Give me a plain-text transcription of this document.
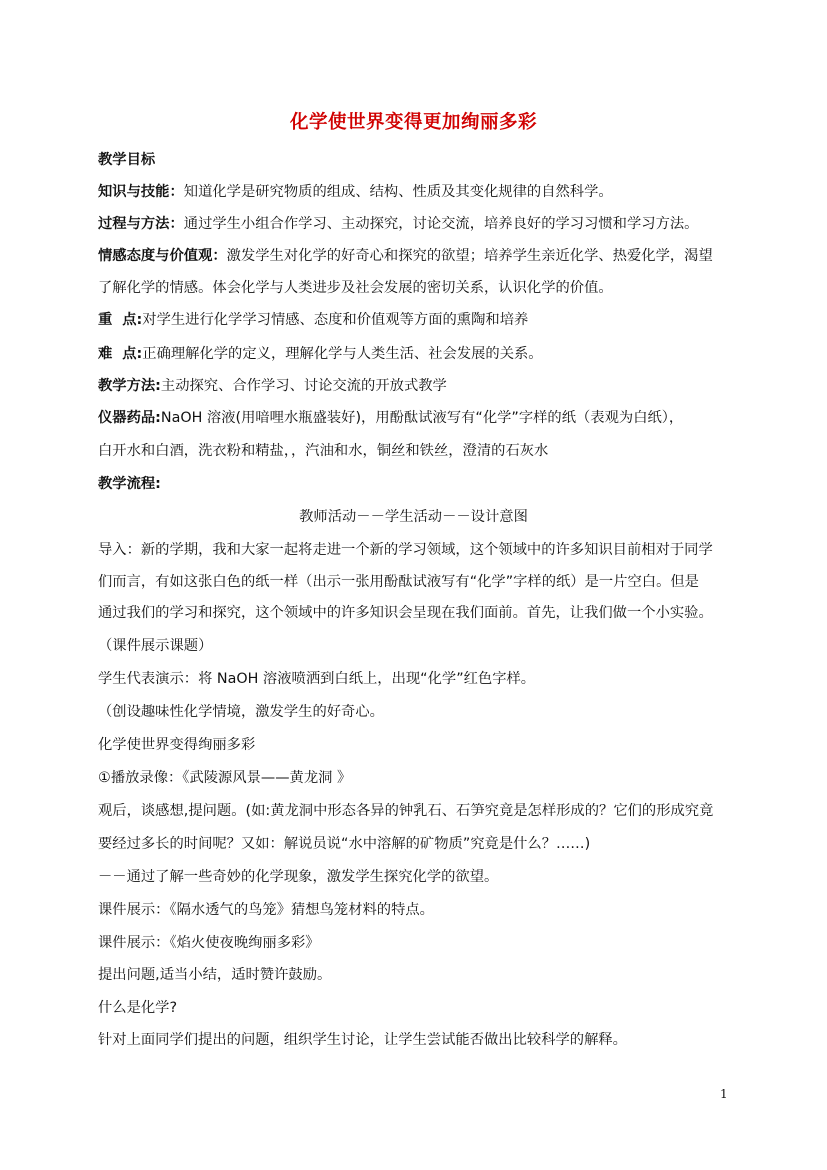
化学使世界变得更加绚丽多彩
教学目标
知识与技能：知道化学是研究物质的组成、结构、性质及其变化规律的自然科学。
过程与方法：通过学生小组合作学习、主动探究，讨论交流，培养良好的学习习惯和学习方法。
情感态度与价值观：激发学生对化学的好奇心和探究的欲望；培养学生亲近化学、热爱化学，渴望
了解化学的情感。体会化学与人类进步及社会发展的密切关系，认识化学的价值。
重  点:对学生进行化学学习情感、态度和价值观等方面的熏陶和培养
难  点:正确理解化学的定义，理解化学与人类生活、社会发展的关系。
教学方法:主动探究、合作学习、讨论交流的开放式教学
仪器药品:NaOH 溶液(用喑哩水瓶盛装好)，用酚酞试液写有“化学”字样的纸（表观为白纸），
白开水和白酒，洗衣粉和精盐，，汽油和水，铜丝和铁丝，澄清的石灰水
教学流程:
教师活动－－学生活动－－设计意图
导入：新的学期，我和大家一起将走进一个新的学习领域，这个领域中的许多知识目前相对于同学
们而言，有如这张白色的纸一样（出示一张用酚酞试液写有“化学”字样的纸）是一片空白。但是
通过我们的学习和探究，这个领域中的许多知识会呈现在我们面前。首先，让我们做一个小实验。
（课件展示课题）
学生代表演示：将 NaOH 溶液喷洒到白纸上，出现“化学”红色字样。
（创设趣味性化学情境，激发学生的好奇心。
化学使世界变得绚丽多彩
①播放录像：《武陵源风景——黄龙洞 》
观后，谈感想,提问题。(如:黄龙洞中形态各异的钟乳石、石笋究竟是怎样形成的？它们的形成究竟
要经过多长的时间呢？又如：解说员说“水中溶解的矿物质”究竟是什么？……)
－－通过了解一些奇妙的化学现象，激发学生探究化学的欲望。
课件展示：《隔水透气的鸟笼》猜想鸟笼材料的特点。
课件展示：《焰火使夜晚绚丽多彩》
提出问题,适当小结，适时赞许鼓励。
什么是化学?
针对上面同学们提出的问题，组织学生讨论，让学生尝试能否做出比较科学的解释。
1
